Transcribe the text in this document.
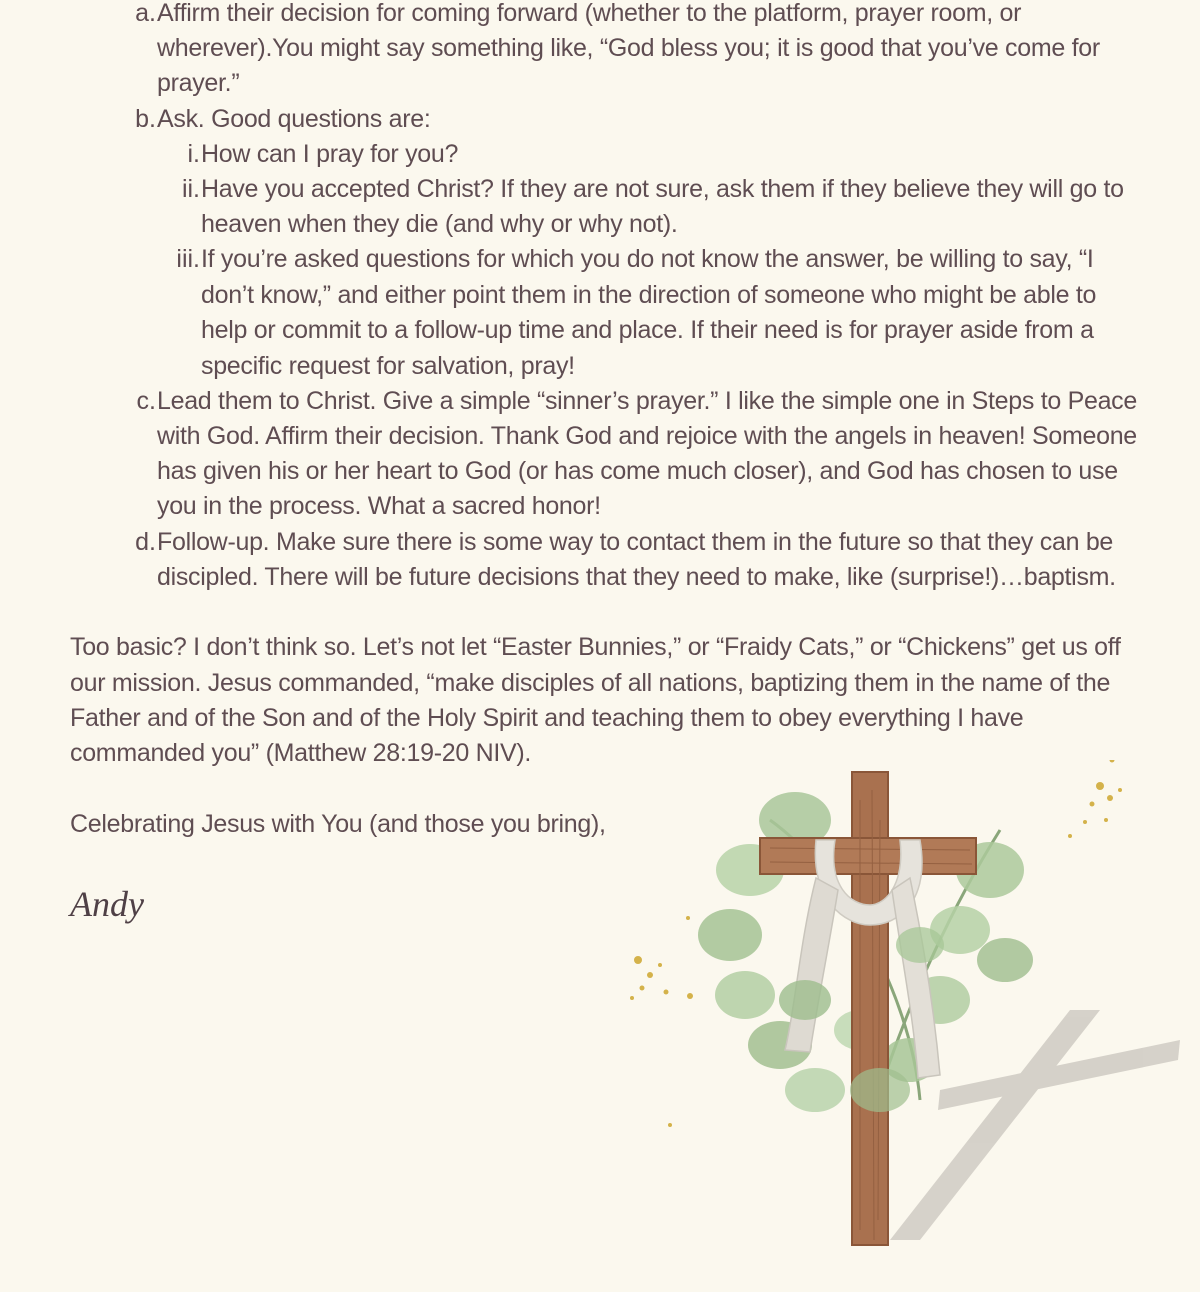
a. Affirm their decision for coming forward (whether to the platform, prayer room, or
wherever).You might say something like, “God bless you; it is good that you’ve come for
prayer.”
b. Ask. Good questions are:
i. How can I pray for you?
ii. Have you accepted Christ? If they are not sure, ask them if they believe they will go to
heaven when they die (and why or why not).
iii. If you’re asked questions for which you do not know the answer, be willing to say, “I
don’t know,” and either point them in the direction of someone who might be able to
help or commit to a follow-up time and place. If their need is for prayer aside from a
specific request for salvation, pray!
c. Lead them to Christ. Give a simple “sinner’s prayer.” I like the simple one in Steps to Peace
with God. Affirm their decision. Thank God and rejoice with the angels in heaven! Someone
has given his or her heart to God (or has come much closer), and God has chosen to use
you in the process. What a sacred honor!
d. Follow-up. Make sure there is some way to contact them in the future so that they can be
discipled. There will be future decisions that they need to make, like (surprise!)…baptism.
Too basic? I don’t think so. Let’s not let “Easter Bunnies,” or “Fraidy Cats,” or “Chickens” get us off
our mission. Jesus commanded, “make disciples of all nations, baptizing them in the name of the
Father and of the Son and of the Holy Spirit and teaching them to obey everything I have
commanded you” (Matthew 28:19-20 NIV).
Celebrating Jesus with You (and those you bring),
Andy
